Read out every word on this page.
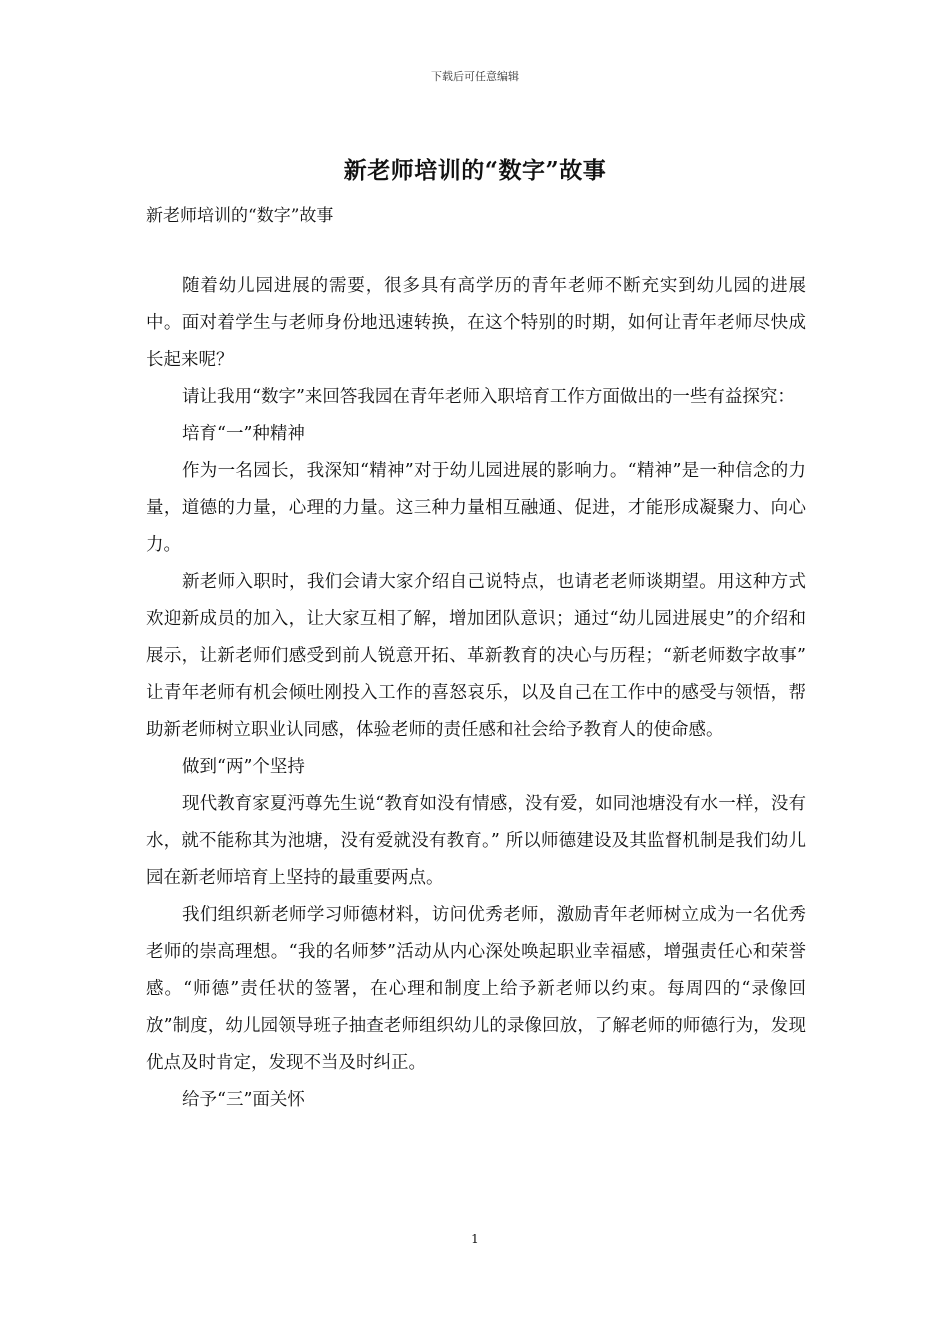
下载后可任意编辑
新老师培训的“数字”故事

新老师培训的“数字”故事

随着幼儿园进展的需要，很多具有高学历的青年老师不断充实到幼儿园的进展中。面对着学生与老师身份地迅速转换，在这个特别的时期，如何让青年老师尽快成长起来呢？

请让我用“数字”来回答我园在青年老师入职培育工作方面做出的一些有益探究：

培育“一”种精神

作为一名园长，我深知“精神”对于幼儿园进展的影响力。“精神”是一种信念的力量，道德的力量，心理的力量。这三种力量相互融通、促进，才能形成凝聚力、向心力。

新老师入职时，我们会请大家介绍自己说特点，也请老老师谈期望。用这种方式欢迎新成员的加入，让大家互相了解，增加团队意识；通过“幼儿园进展史”的介绍和展示，让新老师们感受到前人锐意开拓、革新教育的决心与历程；“新老师数字故事” 让青年老师有机会倾吐刚投入工作的喜怒哀乐，以及自己在工作中的感受与领悟，帮助新老师树立职业认同感，体验老师的责任感和社会给予教育人的使命感。

做到“两”个坚持

现代教育家夏沔尊先生说“教育如没有情感，没有爱，如同池塘没有水一样，没有水，就不能称其为池塘，没有爱就没有教育。” 所以师德建设及其监督机制是我们幼儿园在新老师培育上坚持的最重要两点。

我们组织新老师学习师德材料，访问优秀老师，激励青年老师树立成为一名优秀老师的崇高理想。“我的名师梦”活动从内心深处唤起职业幸福感，增强责任心和荣誉感。“师德”责任状的签署，在心理和制度上给予新老师以约束。每周四的“录像回放”制度，幼儿园领导班子抽查老师组织幼儿的录像回放，了解老师的师德行为，发现优点及时肯定，发现不当及时纠正。

给予“三”面关怀

1
